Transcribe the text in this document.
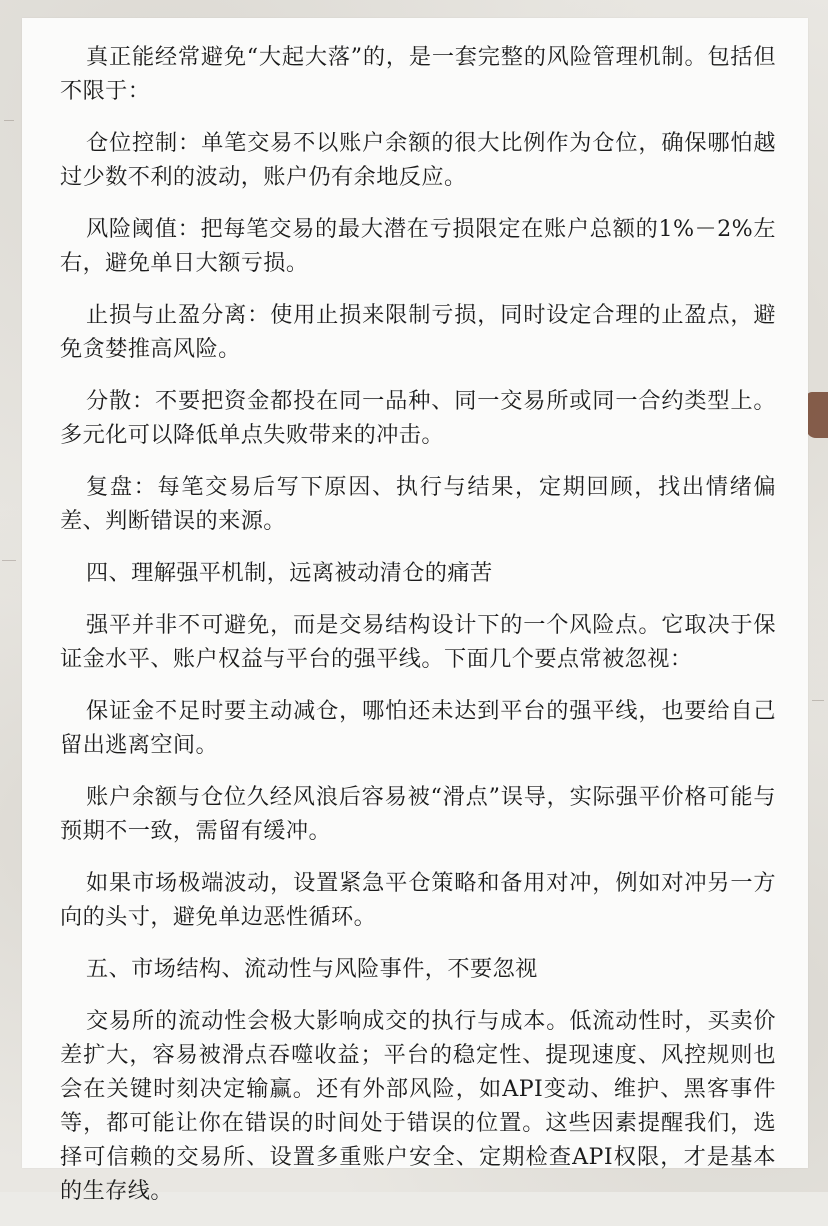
真正能经常避免“大起大落”的，是一套完整的风险管理机制。包括但不限于：

仓位控制：单笔交易不以账户余额的很大比例作为仓位，确保哪怕越过少数不利的波动，账户仍有余地反应。

风险阈值：把每笔交易的最大潜在亏损限定在账户总额的1%－2%左右，避免单日大额亏损。

止损与止盈分离：使用止损来限制亏损，同时设定合理的止盈点，避免贪婪推高风险。

分散：不要把资金都投在同一品种、同一交易所或同一合约类型上。多元化可以降低单点失败带来的冲击。

复盘：每笔交易后写下原因、执行与结果，定期回顾，找出情绪偏差、判断错误的来源。

四、理解强平机制，远离被动清仓的痛苦

强平并非不可避免，而是交易结构设计下的一个风险点。它取决于保证金水平、账户权益与平台的强平线。下面几个要点常被忽视：

保证金不足时要主动减仓，哪怕还未达到平台的强平线，也要给自己留出逃离空间。

账户余额与仓位久经风浪后容易被“滑点”误导，实际强平价格可能与预期不一致，需留有缓冲。

如果市场极端波动，设置紧急平仓策略和备用对冲，例如对冲另一方向的头寸，避免单边恶性循环。

五、市场结构、流动性与风险事件，不要忽视

交易所的流动性会极大影响成交的执行与成本。低流动性时，买卖价差扩大，容易被滑点吞噬收益；平台的稳定性、提现速度、风控规则也会在关键时刻决定输赢。还有外部风险，如API变动、维护、黑客事件等，都可能让你在错误的时间处于错误的位置。这些因素提醒我们，选择可信赖的交易所、设置多重账户安全、定期检查API权限，才是基本的生存线。
